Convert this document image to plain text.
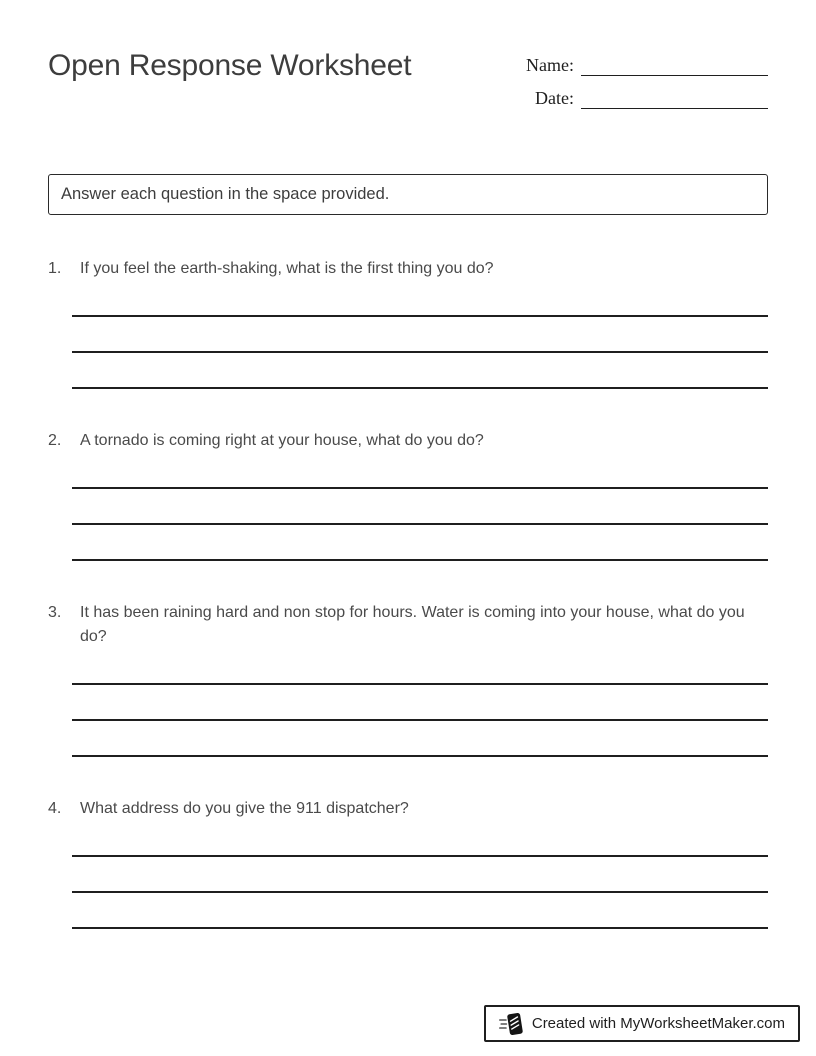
Open Response Worksheet	Name:
Date:
Answer each question in the space provided.
1.	If you feel the earth-shaking, what is the first thing you do?
2.	A tornado is coming right at your house, what do you do?
3.	It has been raining hard and non stop for hours. Water is coming into your house, what do you do?
4.	What address do you give the 911 dispatcher?
Created with MyWorksheetMaker.com
